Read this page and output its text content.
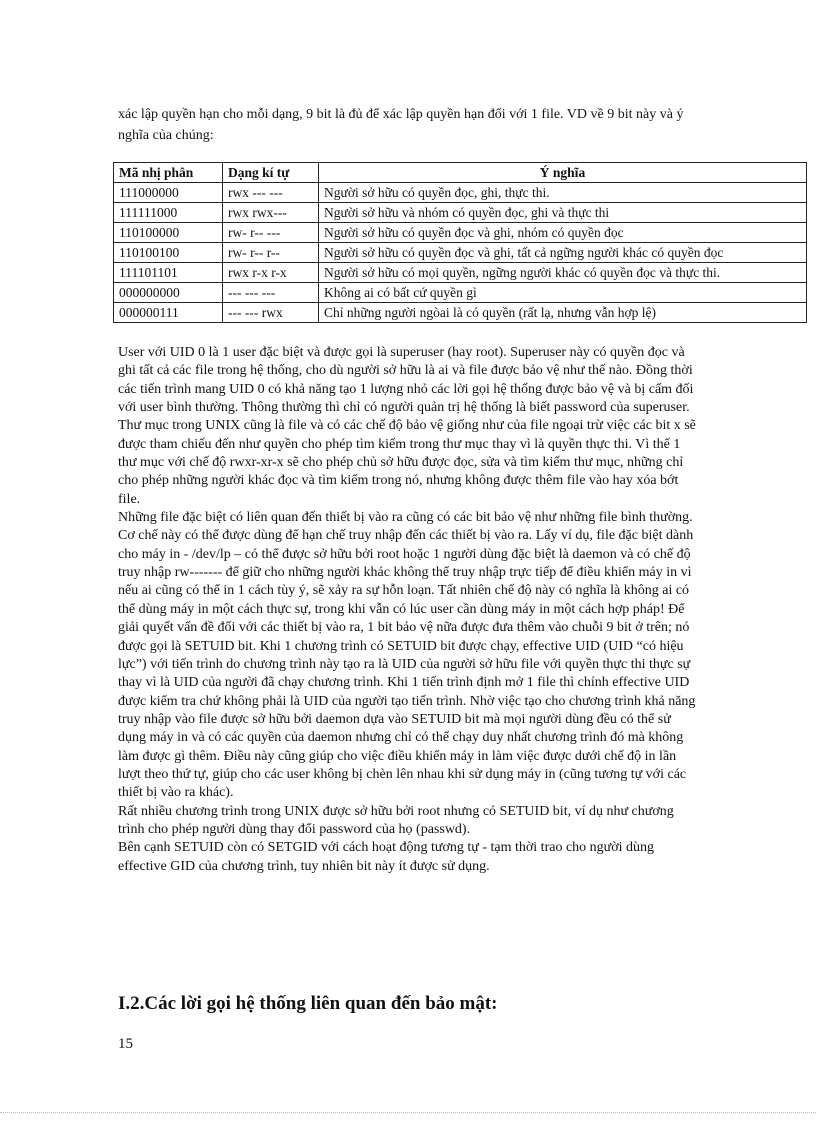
xác lập quyền hạn cho mỗi dạng, 9 bit là đủ để xác lập quyền hạn đối với 1 file. VD về 9 bit này và ý nghĩa của chúng:
Mã nhị phân	Dạng kí tự	Ý nghĩa
111000000	rwx --- ---	Người sở hữu có quyền đọc, ghi, thực thi.
111111000	rwx rwx---	Người sở hữu và nhóm có quyền đọc, ghi và thực thi
110100000	rw- r-- ---	Người sở hữu có quyền đọc và ghi, nhóm có quyền đọc
110100100	rw- r-- r--	Người sở hữu có quyền đọc và ghi, tất cả ngững người khác có quyền đọc
111101101	rwx r-x r-x	Người sở hữu có mọi quyền, ngững người khác có quyền đọc và thực thi.
000000000	--- --- ---	Không ai có bất cứ quyền gì
000000111	--- --- rwx	Chỉ những người ngòai là có quyền (rất lạ, nhưng vẫn hợp lệ)

User với UID 0 là 1 user đặc biệt và được gọi là superuser (hay root). Superuser này có quyền đọc và ghi tất cả các file trong hệ thống, cho dù người sở hữu là ai và file được bảo vệ như thế nào. Đồng thời các tiến trình mang UID 0 có khả năng tạo 1 lượng nhỏ các lời gọi hệ thống được bảo vệ và bị cấm đối với user bình thường. Thông thường thì chỉ có người quản trị hệ thống là biết password của superuser.

Thư mục trong UNIX cũng là file và có các chế độ bảo vệ giống như của file ngoại trừ việc các bit x sẽ được tham chiếu đến như quyền cho phép tìm kiếm trong thư mục thay vì là quyền thực thi. Vì thế 1 thư mục với chế độ rwxr-xr-x sẽ cho phép chủ sở hữu được đọc, sửa và tìm kiếm thư mục, những chỉ cho phép những người khác đọc và tìm kiếm trong nó, nhưng không được thêm file vào hay xóa bớt file.

Những file đặc biệt có liên quan đến thiết bị vào ra cũng có các bit bảo vệ như những file bình thường. Cơ chế này có thể được dùng để hạn chế truy nhập đến các thiết bị vào ra. Lấy ví dụ, file đặc biệt dành cho máy in - /dev/lp – có thể được sở hữu bởi root hoặc 1 người dùng đặc biệt là daemon và có chế độ truy nhập rw------- để giữ cho những người khác không thể truy nhập trực tiếp để điều khiển máy in vì nếu ai cũng có thể in 1 cách tùy ý, sẽ xảy ra sự hỗn loạn. Tất nhiên chế độ này có nghĩa là không ai có thể dùng máy in một cách thực sự, trong khi vẫn có lúc user cần dùng máy in một cách hợp pháp! Để giải quyết vấn đề đối với các thiết bị vào ra, 1 bit bảo vệ nữa được đưa thêm vào chuỗi 9 bit ở trên; nó được gọi là SETUID bit. Khi 1 chương trình có SETUID bit được chạy, effective UID (UID “có hiệu lực”) với tiến trình do chương trình này tạo ra là UID của người sở hữu file với quyền thực thi thực sự thay vì là UID của người đã chạy chương trình. Khi 1 tiến trình định mở 1 file thì chính effective UID được kiểm tra chứ không phải là UID của người tạo tiến trình. Nhờ việc tạo cho chương trình khả năng truy nhập vào file được sở hữu bởi daemon dựa vào SETUID bit mà mọi người dùng đều có thể sử dụng máy in và có các quyền của daemon nhưng chỉ có thể chạy duy nhất chương trình đó mà không làm được gì thêm. Điều này cũng giúp cho việc điều khiển máy in làm việc được dưới chế độ in lần lượt theo thứ tự, giúp cho các user không bị chèn lên nhau khi sử dụng máy in (cũng tương tự với các thiết bị vào ra khác).

Rất nhiều chương trình trong UNIX được sở hữu bởi root nhưng có SETUID bit, ví dụ như chương trình cho phép người dùng thay đổi password của họ (passwd).

Bên cạnh SETUID còn có SETGID với cách hoạt động tương tự - tạm thời trao cho người dùng effective GID của chương trình, tuy nhiên bit này ít được sử dụng.

I.2.Các lời gọi hệ thống liên quan đến bảo mật:
15
